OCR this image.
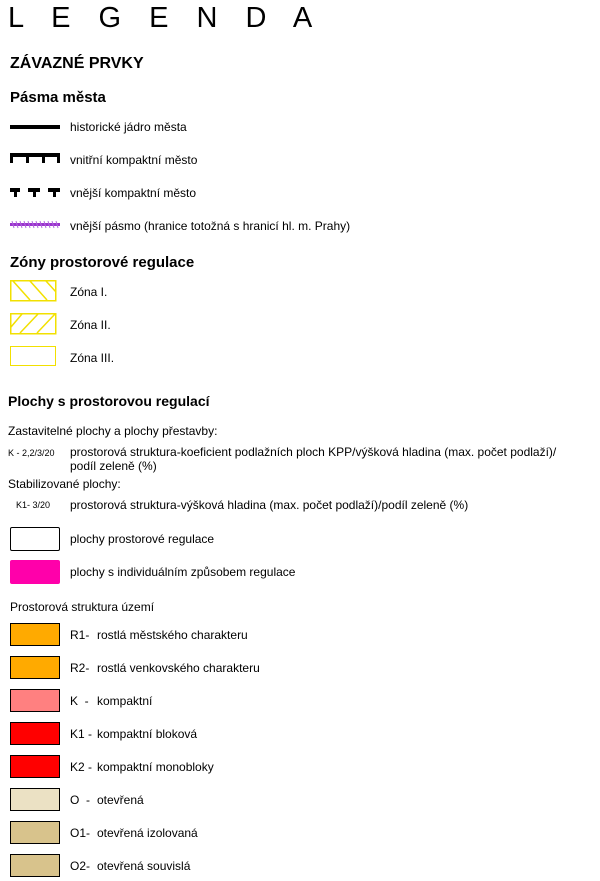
L E G E N D A
ZÁVAZNÉ PRVKY
Pásma města
historické jádro města
vnitřní kompaktní město
vnější kompaktní město
vnější pásmo (hranice totožná s hranicí hl. m. Prahy)
Zóny prostorové regulace
Zóna I.
Zóna II.
Zóna III.
Plochy s prostorovou regulací
Zastavitelné plochy a plochy přestavby:
K - 2,2/3/20 prostorová struktura-koeficient podlažních ploch KPP/výšková hladina (max. počet podlaží)/
podíl zeleně (%)
Stabilizované plochy:
K1- 3/20 prostorová struktura-výšková hladina (max. počet podlaží)/podíl zeleně (%)
plochy prostorové regulace
plochy s individuálním způsobem regulace
Prostorová struktura území
R1- rostlá městského charakteru
R2- rostlá venkovského charakteru
K  - kompaktní
K1 - kompaktní bloková
K2 - kompaktní monobloky
O  - otevřená
O1- otevřená izolovaná
O2- otevřená souvislá
